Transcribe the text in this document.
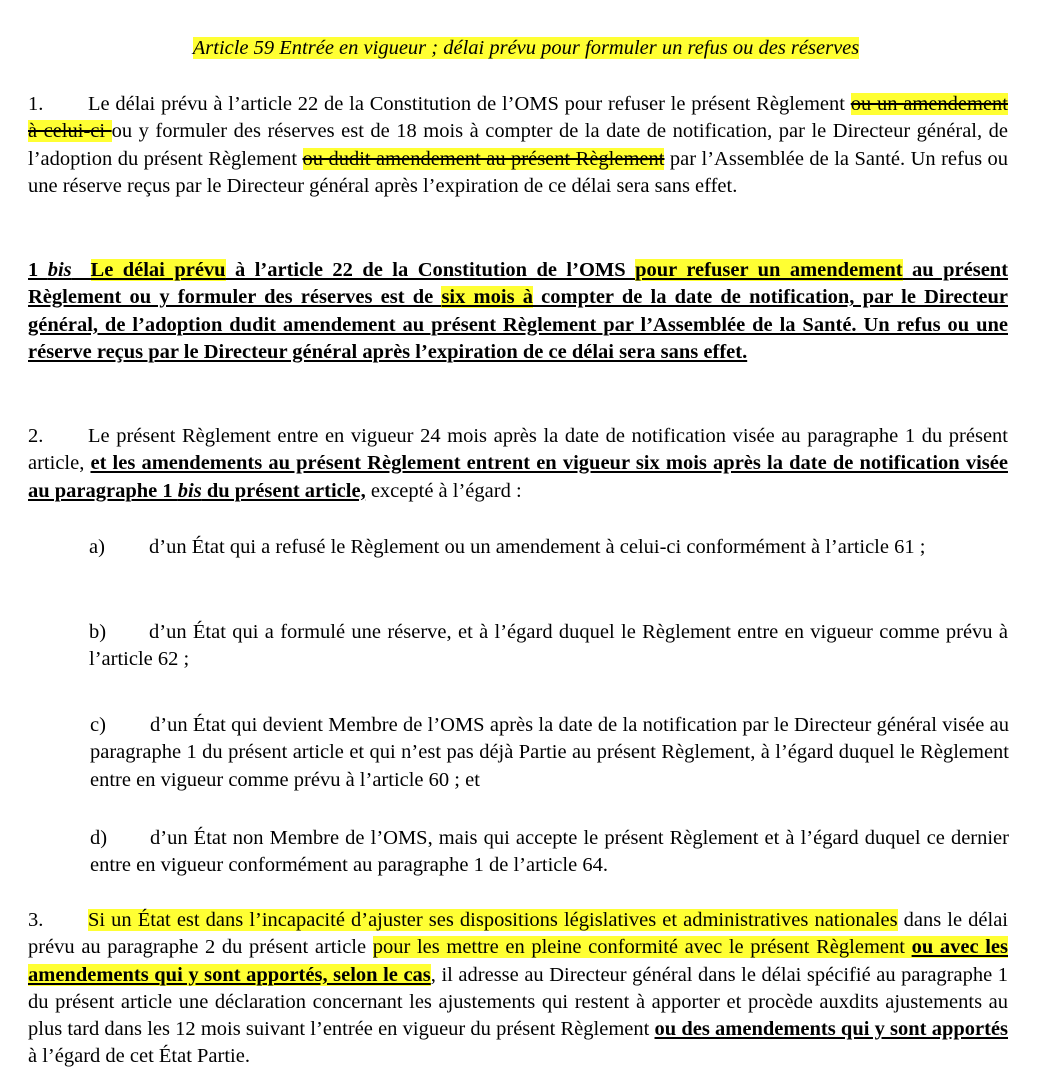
Article 59 Entrée en vigueur ; délai prévu pour formuler un refus ou des réserves

1. Le délai prévu à l’article 22 de la Constitution de l’OMS pour refuser le présent Règlement ou un amendement à celui-ci ou y formuler des réserves est de 18 mois à compter de la date de notification, par le Directeur général, de l’adoption du présent Règlement ou dudit amendement au présent Règlement par l’Assemblée de la Santé. Un refus ou une réserve reçus par le Directeur général après l’expiration de ce délai sera sans effet.

1 bis Le délai prévu à l’article 22 de la Constitution de l’OMS pour refuser un amendement au présent Règlement ou y formuler des réserves est de six mois à compter de la date de notification, par le Directeur général, de l’adoption dudit amendement au présent Règlement par l’Assemblée de la Santé. Un refus ou une réserve reçus par le Directeur général après l’expiration de ce délai sera sans effet.

2. Le présent Règlement entre en vigueur 24 mois après la date de notification visée au paragraphe 1 du présent article, et les amendements au présent Règlement entrent en vigueur six mois après la date de notification visée au paragraphe 1 bis du présent article, excepté à l’égard :

a) d’un État qui a refusé le Règlement ou un amendement à celui-ci conformément à l’article 61 ;

b) d’un État qui a formulé une réserve, et à l’égard duquel le Règlement entre en vigueur comme prévu à l’article 62 ;

c) d’un État qui devient Membre de l’OMS après la date de la notification par le Directeur général visée au paragraphe 1 du présent article et qui n’est pas déjà Partie au présent Règlement, à l’égard duquel le Règlement entre en vigueur comme prévu à l’article 60 ; et

d) d’un État non Membre de l’OMS, mais qui accepte le présent Règlement et à l’égard duquel ce dernier entre en vigueur conformément au paragraphe 1 de l’article 64.

3. Si un État est dans l’incapacité d’ajuster ses dispositions législatives et administratives nationales dans le délai prévu au paragraphe 2 du présent article pour les mettre en pleine conformité avec le présent Règlement ou avec les amendements qui y sont apportés, selon le cas, il adresse au Directeur général dans le délai spécifié au paragraphe 1 du présent article une déclaration concernant les ajustements qui restent à apporter et procède auxdits ajustements au plus tard dans les 12 mois suivant l’entrée en vigueur du présent Règlement ou des amendements qui y sont apportés à l’égard de cet État Partie.
